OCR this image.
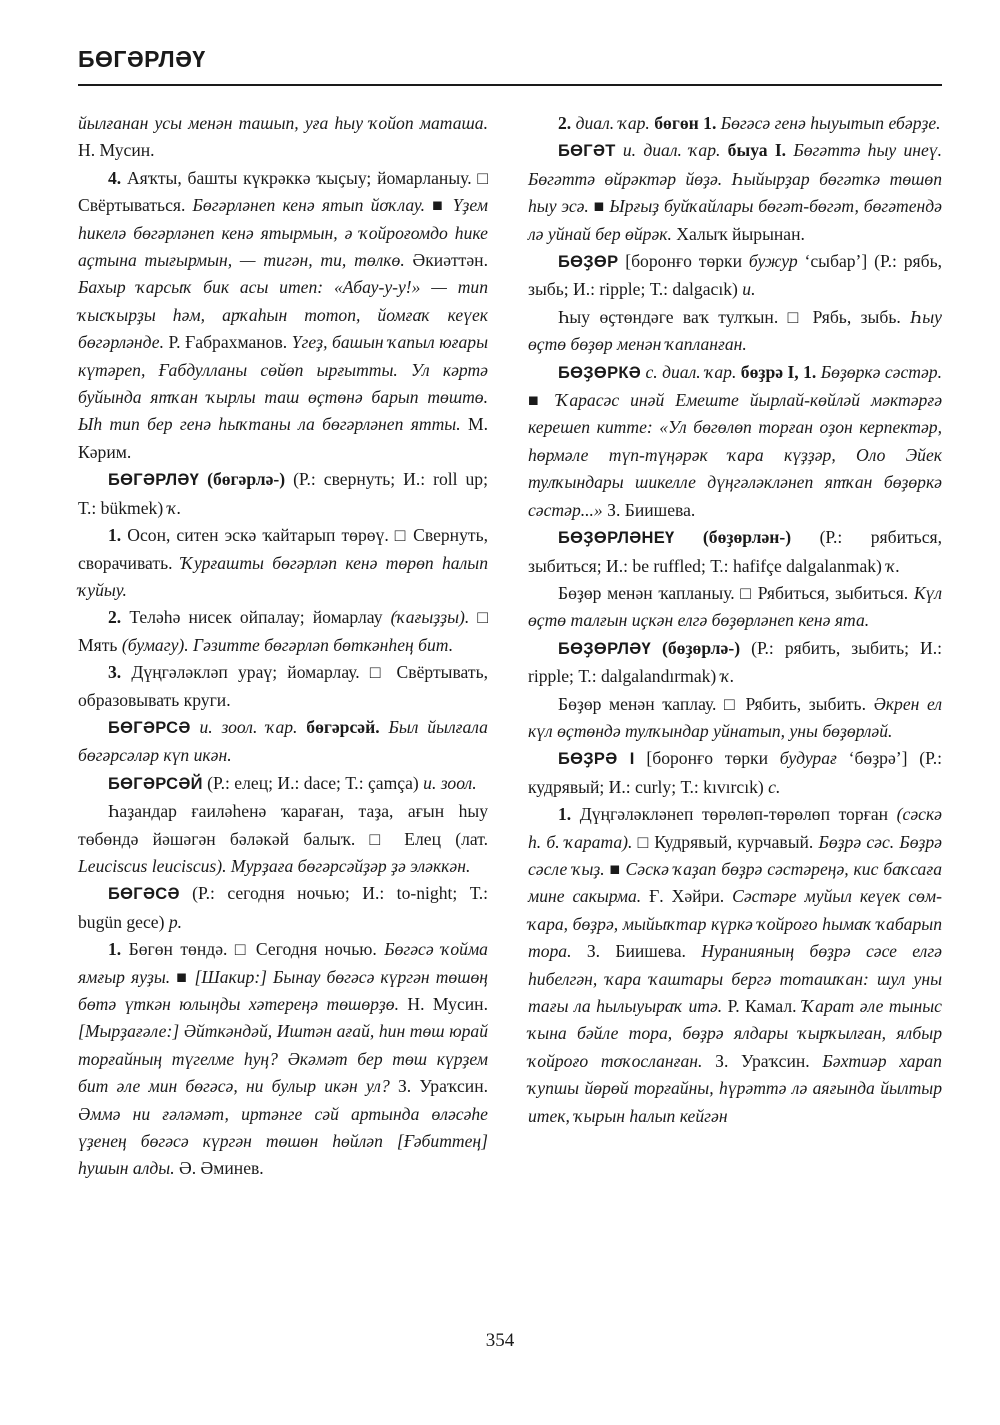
БӨГӘРЛӘҮ

йылғанан усы менән ташып, уға һыу ҡойоп маташа. Н. Мусин.

4. Аяҡты, башты күкрәккә ҡыҫыу; йомарланыу. □ Свёртываться. Бөгәрләнеп кенә ятып йоҡлау. ■ Үҙем һикелә бөгәрләнеп кенә ятырмын, ә ҡойроғомдо һике аҫтына тығырмын, — тигән, ти, төлкө. Әкиәттән. Бахыр ҡарсыҡ бик асы итеп: «Абау-у-у!» — тип ҡысҡырҙы һәм, арҡаһын тотоп, йомғаҡ кеүек бөгәрләнде. Р. Ғабрахманов. Үгеҙ, башын ҡапыл юғары күтәреп, Ғабдулланы сөйөп ырғытты. Ул кәртә буйында ятҡан ҡырлы таш өҫтөнә барып төштө. Ыһ тип бер генә һыҡтаны ла бөгәрләнеп ятты. М. Кәрим.

БӨГӘРЛӘҮ (бөгәрлә-) (Р.: свернуть; И.: roll up; Т.: bükmek) ҡ.

1. Осон, ситен эскә ҡайтарып төрөү. □ Свернуть, сворачивать. Ҡурғашты бөгәрләп кенә төрөп һалып ҡуйыу.

2. Теләһә нисек ойпалау; йомарлау (ҡағыҙҙы). □ Мять (бумагу). Гәзитте бөгәрләп бөткәнһең бит.

3. Дүңгәләкләп ураү; йомарлау. □ Свёртывать, образовывать круги.

БӨГӘРСӘ и. зоол. ҡар. бөгәрсәй. Был йылғала бөгәрсәләр күп икән.

БӨГӘРСӘЙ (Р.: елец; И.: dace; Т.: çamça) и. зоол.

Һаҙандар ғаиләһенә ҡараған, таҙа, ағын һыу төбөндә йәшәгән бәләкәй балыҡ. □ Елец (лат. Leuciscus leuciscus). Мурҙаға бөгәрсәйҙәр ҙә эләккән.

БӨГӘСӘ (Р.: сегодня ночью; И.: to-night; Т.: bugün gece) р.

1. Бөгөн төндә. □ Сегодня ночью. Бөгәсә ҡойма ямғыр яуҙы. ■ [Шакир:] Бынау бөгәсә күргән төшөң бөтә үткән юлыңды хәтереңә төшөрҙө. Н. Мусин. [Мырҙағәле:] Әйткәндәй, Иштән ағай, һин төш юрай торғайның түгелме һуң? Әкәмәт бер төш күрҙем бит әле мин бөгәсә, ни булыр икән ул? З. Ураҡсин. Әммә ни ғәләмәт, иртәнге сәй артында өләсәһе үҙенең бөгәсә күргән төшөн һөйләп [Ғәбиттең] һушын алды. Ә. Әминев.

2. диал. ҡар. бөгөн 1. Бөгәсә генә һыуытып ебәрҙе.

БӨГӘТ и. диал. ҡар. быуа I. Бөгәттә һыу инеү. Бөгәттә өйрәктәр йөҙә. Һыйырҙар бөгәткә төшөп һыу эсә. ■ Ырғыҙ буйҡайлары бөгәт-бөгәт, бөгәтендә лә уйнай бер өйрәк. Халыҡ йырынан.

БӨҘӨР [боронғо төрки бужур ‘сыбар’] (Р.: рябь, зыбь; И.: ripple; Т.: dalgacık) и.

Һыу өҫтөндәге ваҡ тулҡын. □ Рябь, зыбь. Һыу өҫтө бөҙөр менән ҡапланған.

БӨҘӨРКӘ с. диал. ҡар. бөҙрә I, 1. Бөҙөркә сәстәр. ■ Ҡарасәс инәй Емеште йырлай-көйләй мәктәрғә керешеп китте: «Ул бөгөлөп торған оҙон керпектәр, һөрмәле түп-түңәрәк ҡара күҙҙәр, Оло Эйек тулҡындары шикелле дүңгәләкләнеп ятҡан бөҙөркә сәстәр...» З. Биишева.

БӨҘӨРЛӘНЕҮ (бөҙөрлән-) (Р.: рябиться, зыбиться; И.: be ruffled; Т.: hafifçe dalgalanmak) ҡ.

Бөҙөр менән ҡапланыу. □ Рябиться, зыбиться. Күл өҫтө талғын иҫкән елгә бөҙөрләнеп кенә ята.

БӨҘӨРЛӘҮ (бөҙөрлә-) (Р.: рябить, зыбить; И.: ripple; Т.: dalgalandırmak) ҡ.

Бөҙөр менән ҡаплау. □ Рябить, зыбить. Әкрен ел күл өҫтөндә тулҡындар уйнатып, уны бөҙөрләй.

БӨҘРӘ I [боронғо төрки будурағ ‘бөҙрә’] (Р.: кудрявый; И.: curly; Т.: kıvırcık) с.

1. Дүңгәләкләнеп төрөлөп-төрөлөп торған (сәскә һ. б. ҡарата). □ Кудрявый, курчавый. Бөҙрә сәс. Бөҙрә сәсле ҡыҙ. ■ Сәскә ҡаҙап бөҙрә сәстәреңә, кис баҡсаға мине сакырма. Ғ. Хәйри. Сәстәре муйыл кеүек сөм-ҡара, бөҙрә, мыйыҡтар күркә ҡойроғо һымаҡ ҡабарып тора. З. Биишева. Нуранияның бөҙрә сәсе елгә һибелгән, ҡара ҡаштары бергә тоташҡан: шул уны тағы ла һылыуыраҡ итә. Р. Камал. Ҡарат әле тыныс ҡына бәйле тора, бөҙрә ялдары ҡырҡылған, ялбыр ҡойроғо тоҡосланған. З. Ураҡсин. Бәхтиәр харап ҡупшы йөрөй торғайны, һүрәттә лә аяғында йылтыр итек, ҡырын һалып кейгән

354
